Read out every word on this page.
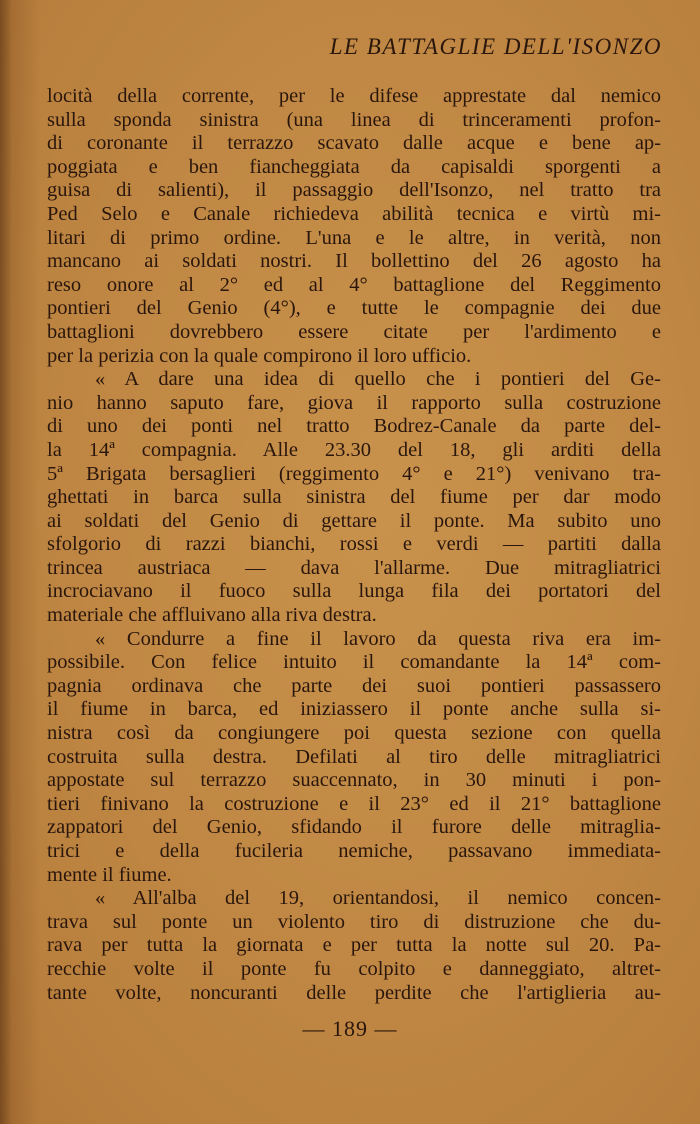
LE BATTAGLIE DELL'ISONZO
locità della corrente, per le difese apprestate dal nemico
sulla sponda sinistra (una linea di trinceramenti profon-
di coronante il terrazzo scavato dalle acque e bene ap-
poggiata e ben fiancheggiata da capisaldi sporgenti a
guisa di salienti), il passaggio dell'Isonzo, nel tratto tra
Ped Selo e Canale richiedeva abilità tecnica e virtù mi-
litari di primo ordine. L'una e le altre, in verità, non
mancano ai soldati nostri. Il bollettino del 26 agosto ha
reso onore al 2° ed al 4° battaglione del Reggimento
pontieri del Genio (4°), e tutte le compagnie dei due
battaglioni dovrebbero essere citate per l'ardimento e
per la perizia con la quale compirono il loro ufficio.
« A dare una idea di quello che i pontieri del Ge-
nio hanno saputo fare, giova il rapporto sulla costruzione
di uno dei ponti nel tratto Bodrez-Canale da parte del-
la 14ª compagnia. Alle 23.30 del 18, gli arditi della
5ª Brigata bersaglieri (reggimento 4° e 21°) venivano tra-
ghettati in barca sulla sinistra del fiume per dar modo
ai soldati del Genio di gettare il ponte. Ma subito uno
sfolgorio di razzi bianchi, rossi e verdi — partiti dalla
trincea austriaca — dava l'allarme. Due mitragliatrici
incrociavano il fuoco sulla lunga fila dei portatori del
materiale che affluivano alla riva destra.
« Condurre a fine il lavoro da questa riva era im-
possibile. Con felice intuito il comandante la 14ª com-
pagnia ordinava che parte dei suoi pontieri passassero
il fiume in barca, ed iniziassero il ponte anche sulla si-
nistra così da congiungere poi questa sezione con quella
costruita sulla destra. Defilati al tiro delle mitragliatrici
appostate sul terrazzo suaccennato, in 30 minuti i pon-
tieri finivano la costruzione e il 23° ed il 21° battaglione
zappatori del Genio, sfidando il furore delle mitraglia-
trici e della fucileria nemiche, passavano immediata-
mente il fiume.
« All'alba del 19, orientandosi, il nemico concen-
trava sul ponte un violento tiro di distruzione che du-
rava per tutta la giornata e per tutta la notte sul 20. Pa-
recchie volte il ponte fu colpito e danneggiato, altret-
tante volte, noncuranti delle perdite che l'artiglieria au-
— 189 —
